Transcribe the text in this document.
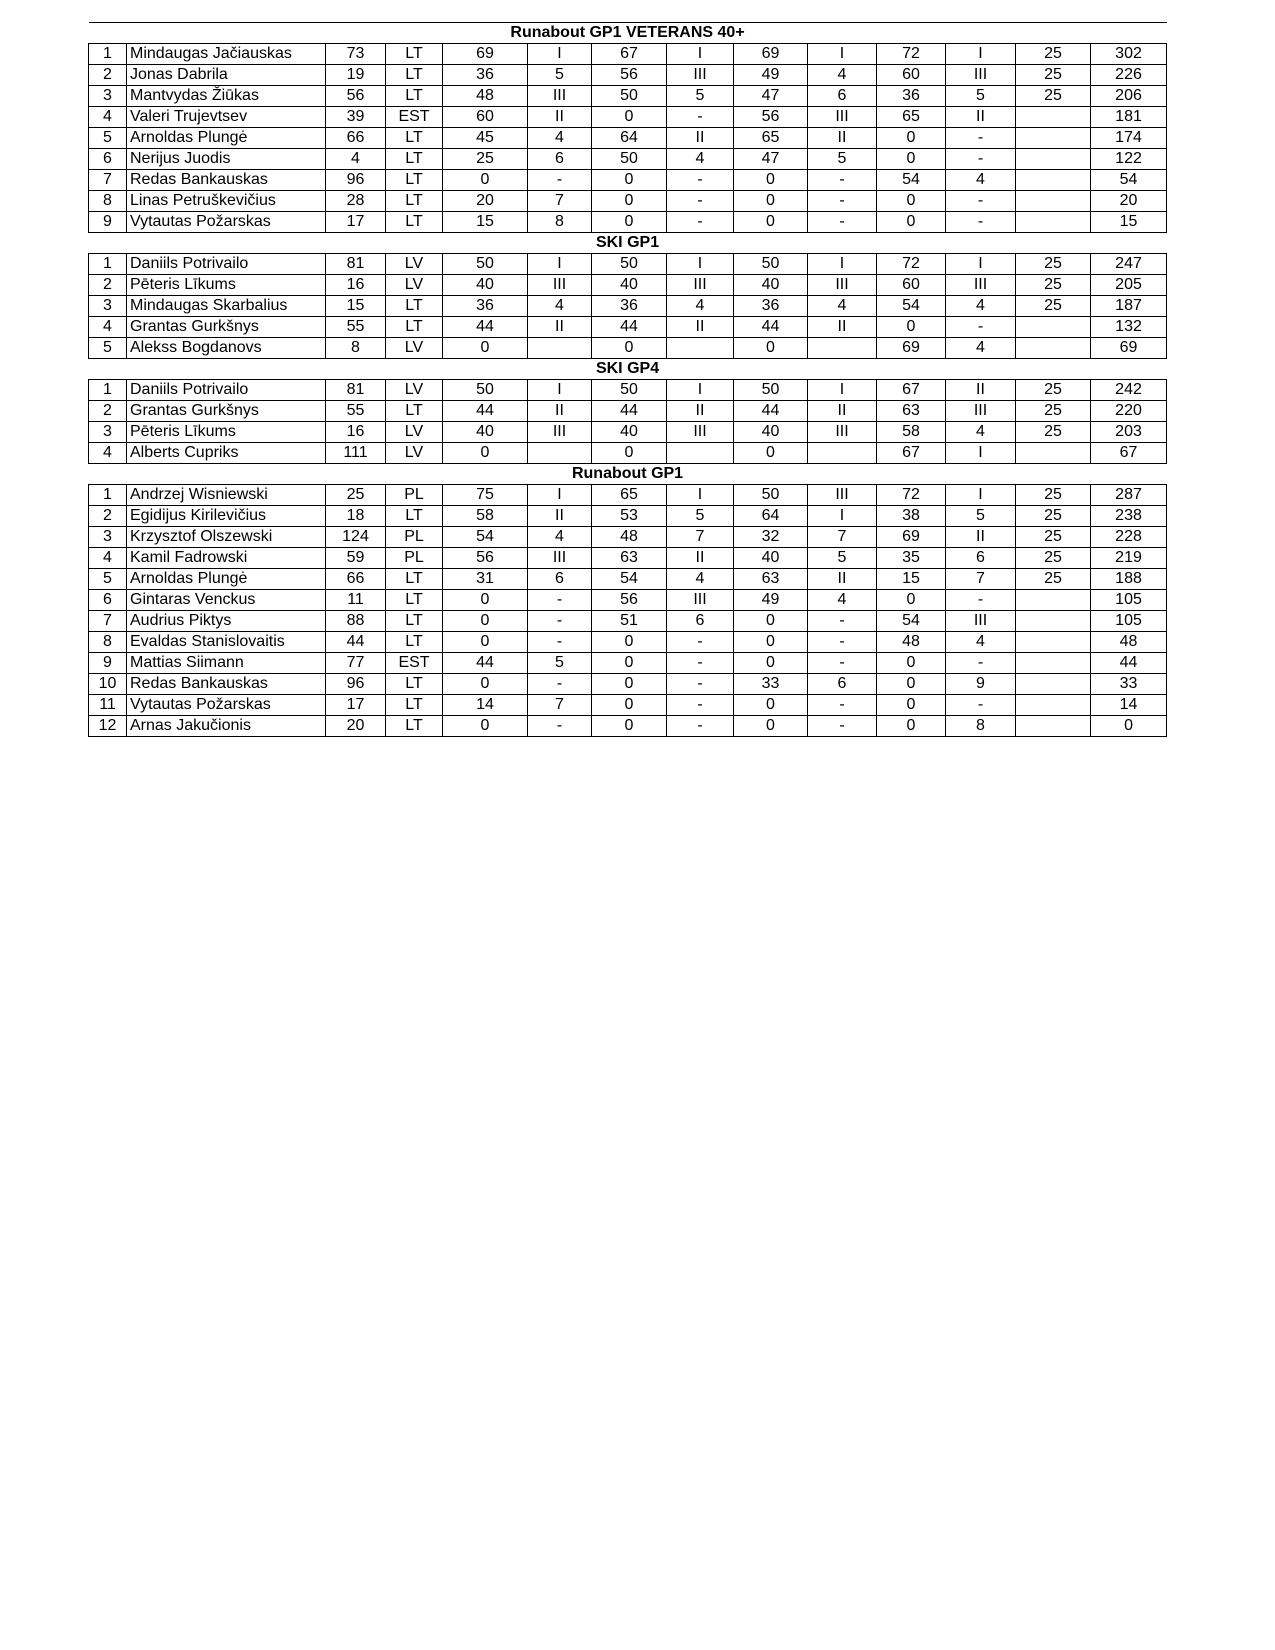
Runabout GP1 VETERANS 40+													
1	Mindaugas Jačiauskas	73	LT	69	I	67	I	69	I	72	I	25	302
2	Jonas Dabrila	19	LT	36	5	56	III	49	4	60	III	25	226
3	Mantvydas Žiūkas	56	LT	48	III	50	5	47	6	36	5	25	206
4	Valeri Trujevtsev	39	EST	60	II	0	-	56	III	65	II		181
5	Arnoldas Plungė	66	LT	45	4	64	II	65	II	0	-		174
6	Nerijus Juodis	4	LT	25	6	50	4	47	5	0	-		122
7	Redas Bankauskas	96	LT	0	-	0	-	0	-	54	4		54
8	Linas Petruškevičius	28	LT	20	7	0	-	0	-	0	-		20
9	Vytautas Požarskas	17	LT	15	8	0	-	0	-	0	-		15
SKI GP1													
1	Daniils Potrivailo	81	LV	50	I	50	I	50	I	72	I	25	247
2	Pēteris Līkums	16	LV	40	III	40	III	40	III	60	III	25	205
3	Mindaugas Skarbalius	15	LT	36	4	36	4	36	4	54	4	25	187
4	Grantas Gurkšnys	55	LT	44	II	44	II	44	II	0	-		132
5	Alekss Bogdanovs	8	LV	0		0		0		69	4		69
SKI GP4													
1	Daniils Potrivailo	81	LV	50	I	50	I	50	I	67	II	25	242
2	Grantas Gurkšnys	55	LT	44	II	44	II	44	II	63	III	25	220
3	Pēteris Līkums	16	LV	40	III	40	III	40	III	58	4	25	203
4	Alberts Cupriks	111	LV	0		0		0		67	I		67
Runabout GP1													
1	Andrzej Wisniewski	25	PL	75	I	65	I	50	III	72	I	25	287
2	Egidijus Kirilevičius	18	LT	58	II	53	5	64	I	38	5	25	238
3	Krzysztof Olszewski	124	PL	54	4	48	7	32	7	69	II	25	228
4	Kamil Fadrowski	59	PL	56	III	63	II	40	5	35	6	25	219
5	Arnoldas Plungė	66	LT	31	6	54	4	63	II	15	7	25	188
6	Gintaras Venckus	11	LT	0	-	56	III	49	4	0	-		105
7	Audrius Piktys	88	LT	0	-	51	6	0	-	54	III		105
8	Evaldas Stanislovaitis	44	LT	0	-	0	-	0	-	48	4		48
9	Mattias Siimann	77	EST	44	5	0	-	0	-	0	-		44
10	Redas Bankauskas	96	LT	0	-	0	-	33	6	0	9		33
11	Vytautas Požarskas	17	LT	14	7	0	-	0	-	0	-		14
12	Arnas Jakučionis	20	LT	0	-	0	-	0	-	0	8		0
